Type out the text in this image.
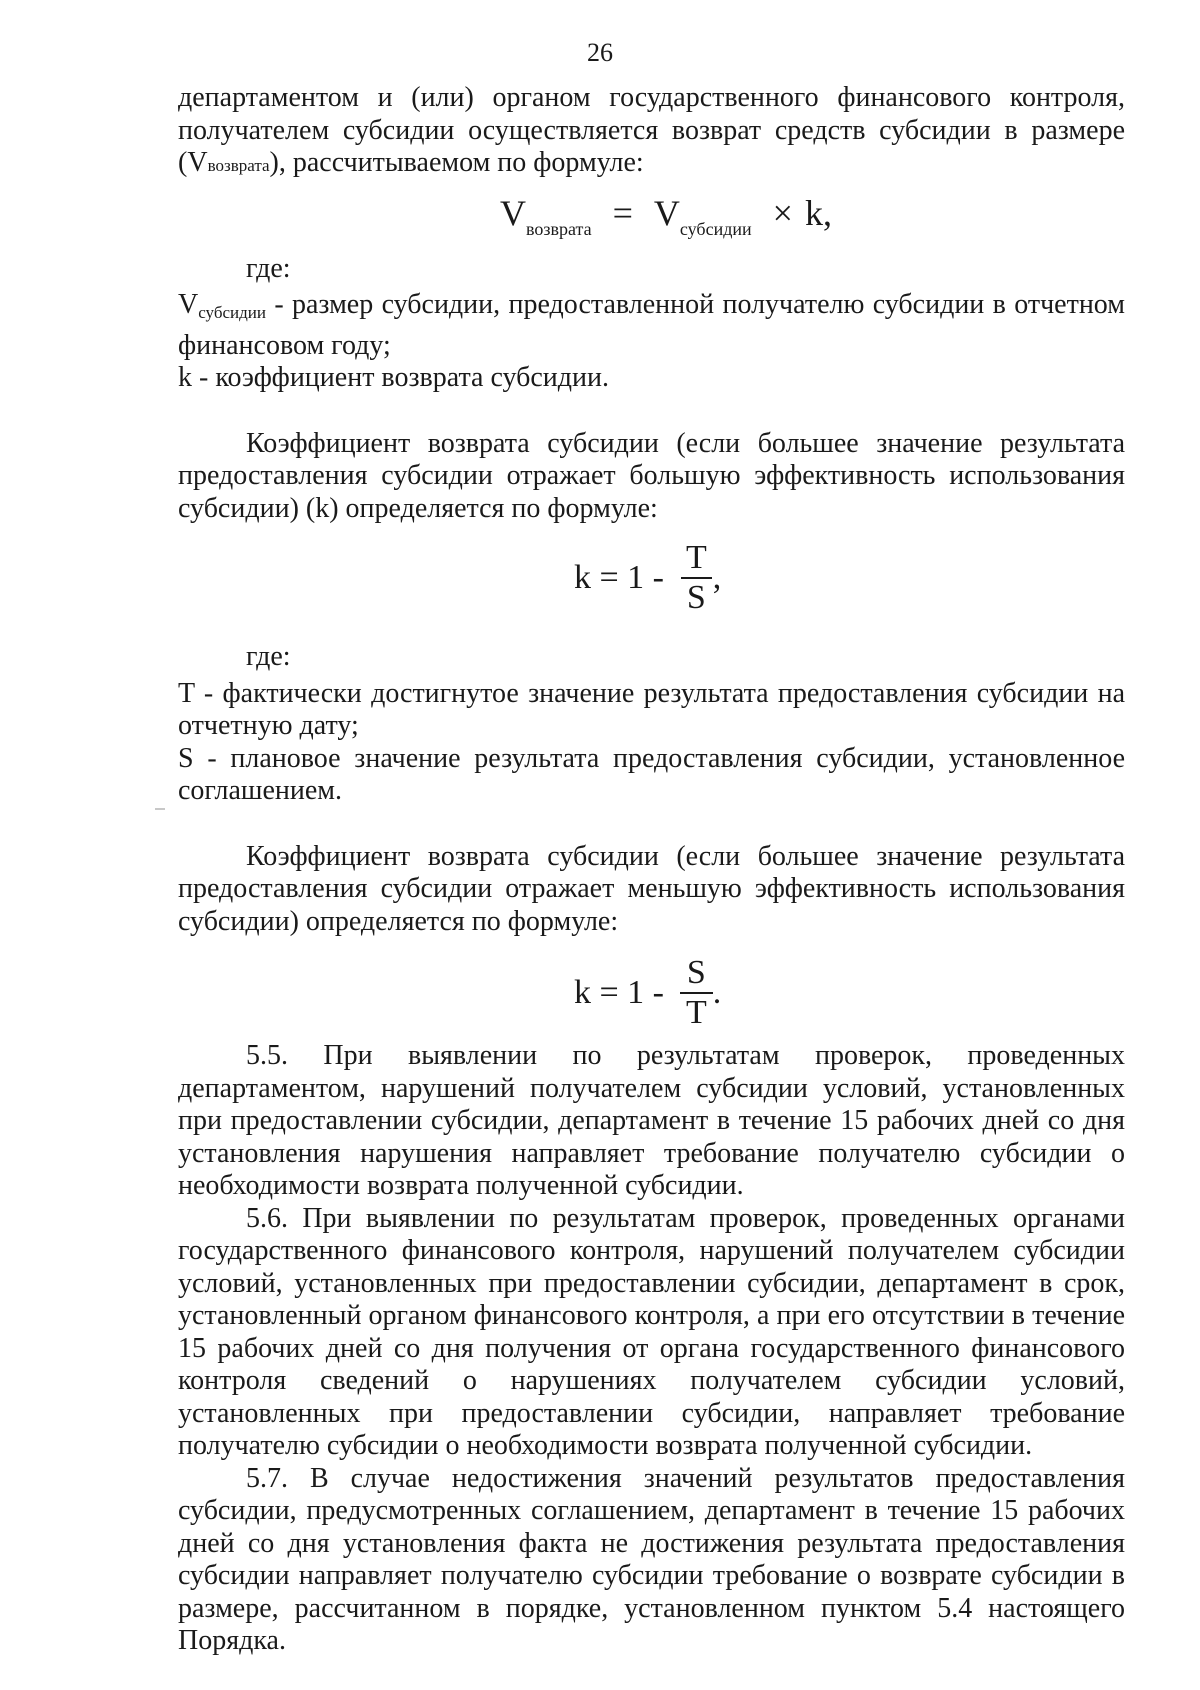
26

департаментом и (или) органом государственного финансового контроля, получателем субсидии осуществляется возврат средств субсидии в размере (Vвозврата), рассчитываемом по формуле:

$V_{возврата} = V_{субсидии} \times k$,

где:

$V_{субсидии}$ - размер субсидии, предоставленной получателю субсидии в отчетном финансовом году;

k - коэффициент возврата субсидии.

Коэффициент возврата субсидии (если большее значение результата предоставления субсидии отражает большую эффективность использования субсидии) (k) определяется по формуле:

$k = 1 - \frac{T}{S}$ ,

где:

T - фактически достигнутое значение результата предоставления субсидии на отчетную дату;

S - плановое значение результата предоставления субсидии, установленное соглашением.

Коэффициент возврата субсидии (если большее значение результата предоставления субсидии отражает меньшую эффективность использования субсидии) определяется по формуле:

$k = 1 - \frac{S}{T}$ .

5.5. При выявлении по результатам проверок, проведенных департаментом, нарушений получателем субсидии условий, установленных при предоставлении субсидии, департамент в течение 15 рабочих дней со дня установления нарушения направляет требование получателю субсидии о необходимости возврата полученной субсидии.

5.6. При выявлении по результатам проверок, проведенных органами государственного финансового контроля, нарушений получателем субсидии условий, установленных при предоставлении субсидии, департамент в срок, установленный органом финансового контроля, а при его отсутствии в течение 15 рабочих дней со дня получения от органа государственного финансового контроля сведений о нарушениях получателем субсидии условий, установленных при предоставлении субсидии, направляет требование получателю субсидии о необходимости возврата полученной субсидии.

5.7. В случае недостижения значений результатов предоставления субсидии, предусмотренных соглашением, департамент в течение 15 рабочих дней со дня установления факта не достижения результата предоставления субсидии направляет получателю субсидии требование о возврате субсидии в размере, рассчитанном в порядке, установленном пунктом 5.4 настоящего Порядка.
